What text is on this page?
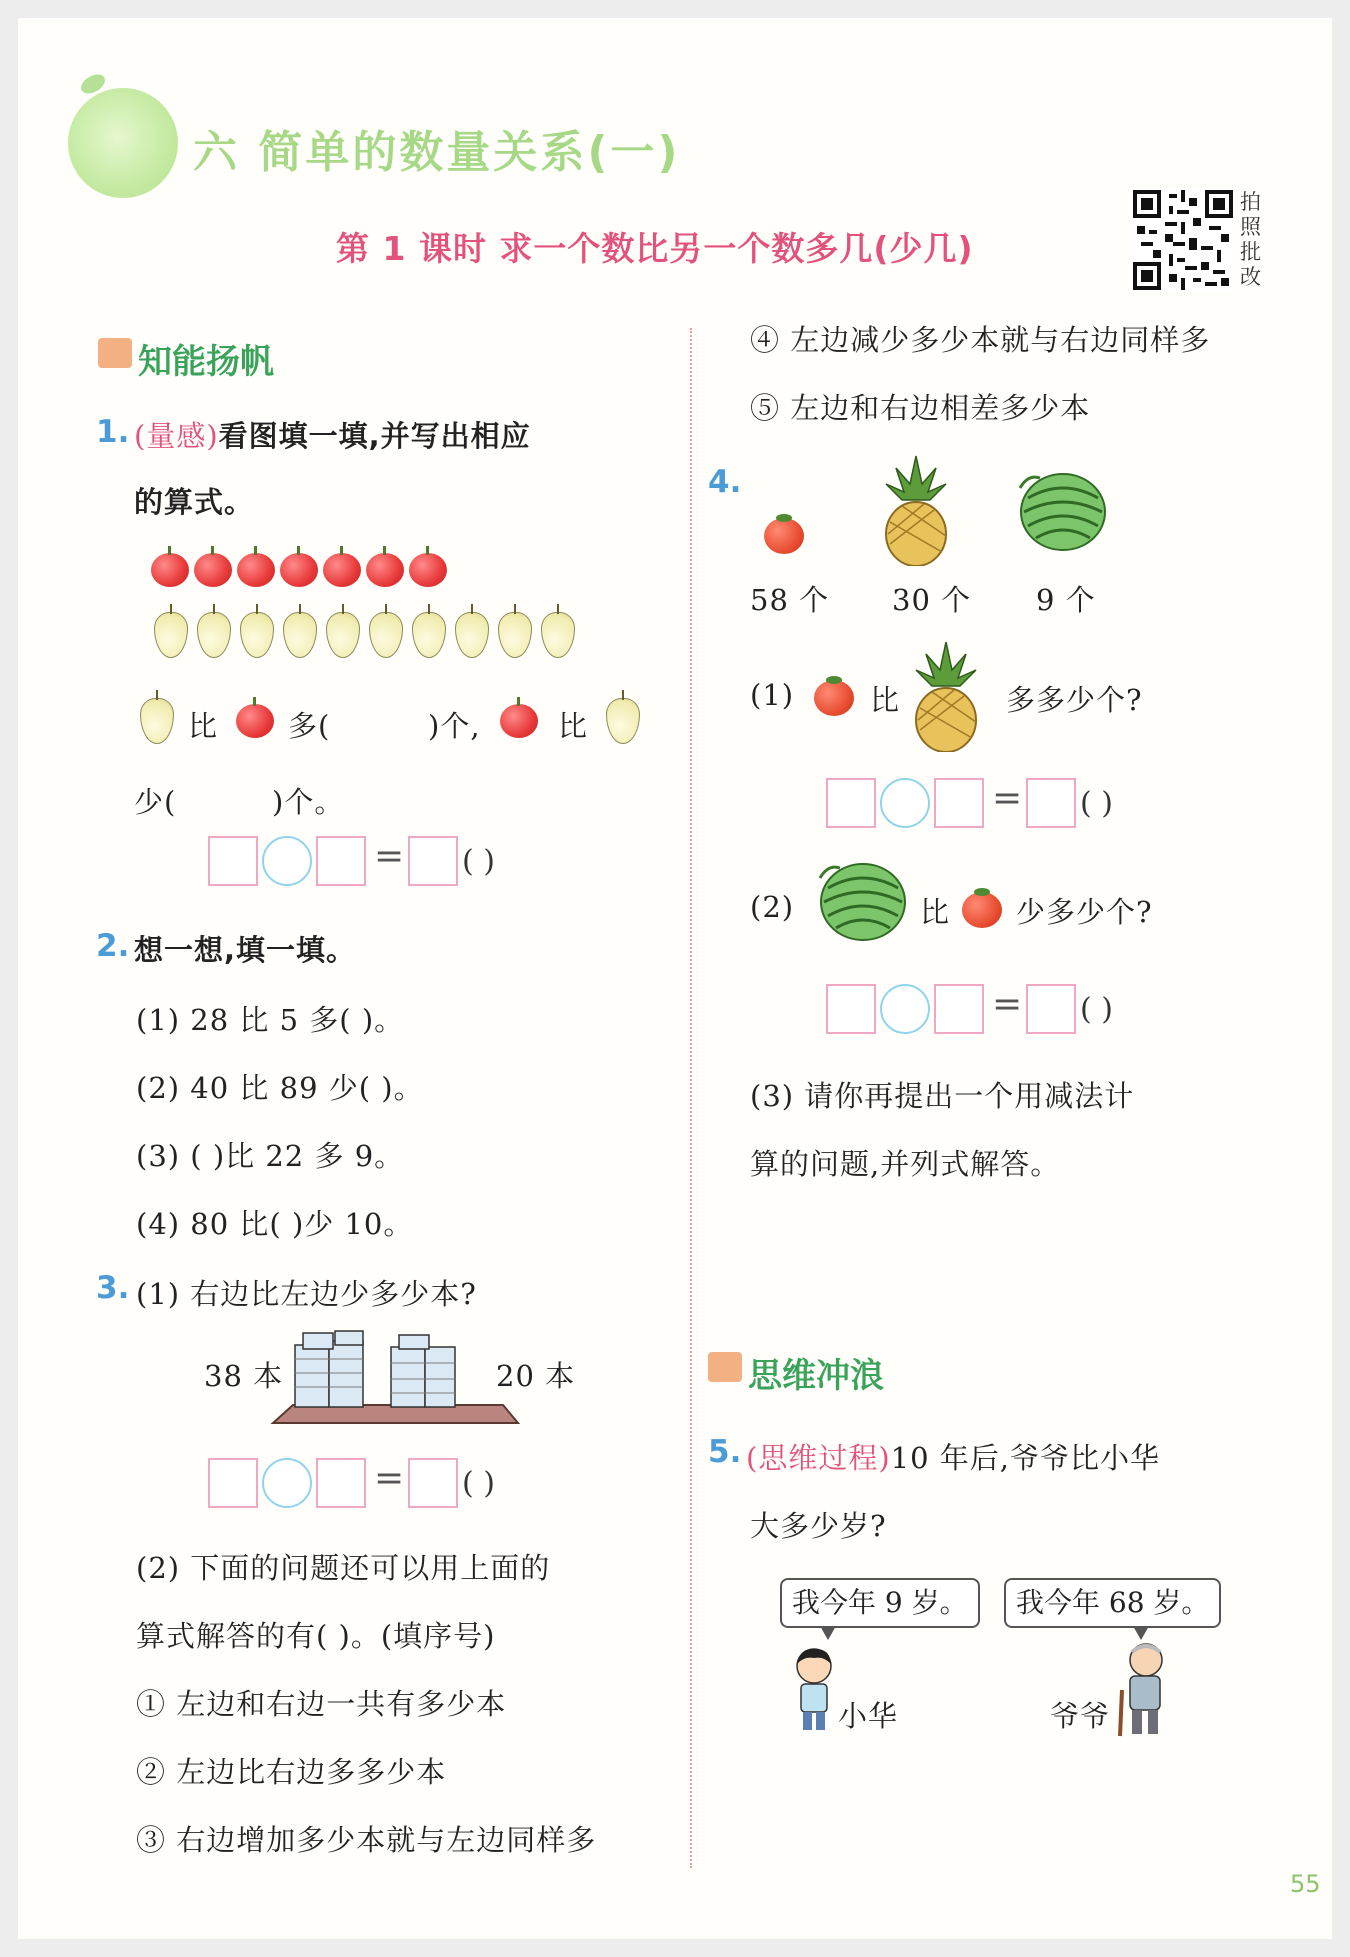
六 简单的数量关系(一)
第 1 课时 求一个数比另一个数多几(少几)
拍照批改
知能扬帆
1. (量感)看图填一填,并写出相应
的算式。
比 多(	)个,	比
少(	)个。
= ( )
2. 想一想,填一填。
(1) 28 比 5 多( )。
(2) 40 比 89 少( )。
(3) ( )比 22 多 9。
(4) 80 比( )少 10。
3. (1) 右边比左边少多少本?
38 本	20 本
= ( )
(2) 下面的问题还可以用上面的
算式解答的有( )。(填序号)
① 左边和右边一共有多少本
② 左边比右边多多少本
③ 右边增加多少本就与左边同样多
④ 左边减少多少本就与右边同样多
⑤ 左边和右边相差多少本
4.
58 个 30 个 9 个
(1)	比	多多少个?
= ( )
(2)	比 少多少个?
= ( )
(3) 请你再提出一个用减法计
算的问题,并列式解答。
思维冲浪
5. (思维过程)10 年后,爷爷比小华
大多少岁?
我今年 9 岁。	我今年 68 岁。
小华	爷爷
55
